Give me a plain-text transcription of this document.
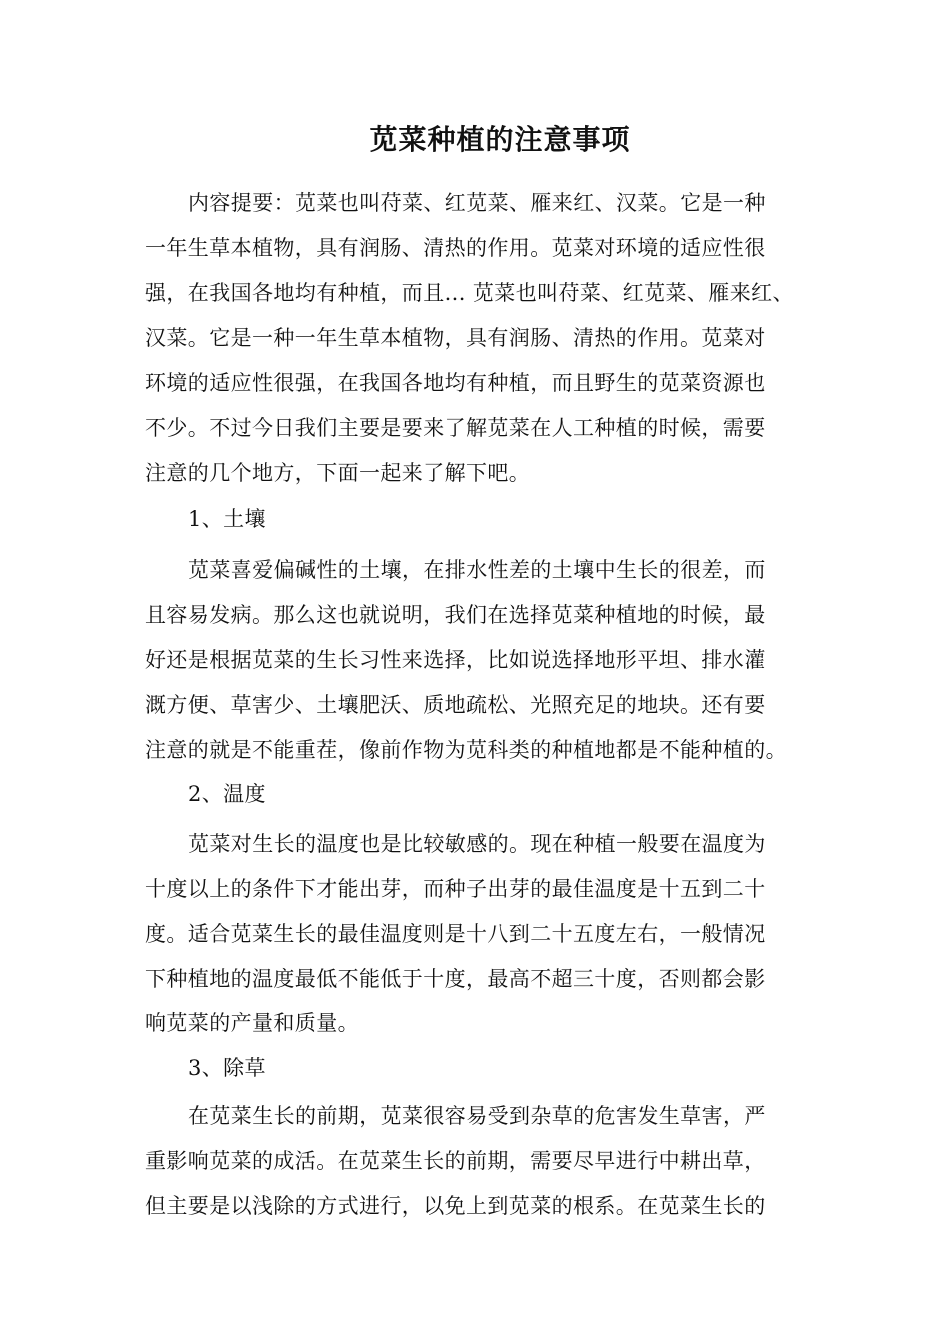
苋菜种植的注意事项
内容提要：苋菜也叫苻菜、红苋菜、雁来红、汉菜。它是一种
一年生草本植物，具有润肠、清热的作用。苋菜对环境的适应性很
强，在我国各地均有种植，而且... 苋菜也叫苻菜、红苋菜、雁来红、
汉菜。它是一种一年生草本植物，具有润肠、清热的作用。苋菜对
环境的适应性很强，在我国各地均有种植，而且野生的苋菜资源也
不少。不过今日我们主要是要来了解苋菜在人工种植的时候，需要
注意的几个地方，下面一起来了解下吧。
1、土壤
苋菜喜爱偏碱性的土壤，在排水性差的土壤中生长的很差，而
且容易发病。那么这也就说明，我们在选择苋菜种植地的时候，最
好还是根据苋菜的生长习性来选择，比如说选择地形平坦、排水灌
溉方便、草害少、土壤肥沃、质地疏松、光照充足的地块。还有要
注意的就是不能重茬，像前作物为苋科类的种植地都是不能种植的。
2、温度
苋菜对生长的温度也是比较敏感的。现在种植一般要在温度为
十度以上的条件下才能出芽，而种子出芽的最佳温度是十五到二十
度。适合苋菜生长的最佳温度则是十八到二十五度左右，一般情况
下种植地的温度最低不能低于十度，最高不超三十度，否则都会影
响苋菜的产量和质量。
3、除草
在苋菜生长的前期，苋菜很容易受到杂草的危害发生草害，严
重影响苋菜的成活。在苋菜生长的前期，需要尽早进行中耕出草，
但主要是以浅除的方式进行，以免上到苋菜的根系。在苋菜生长的
